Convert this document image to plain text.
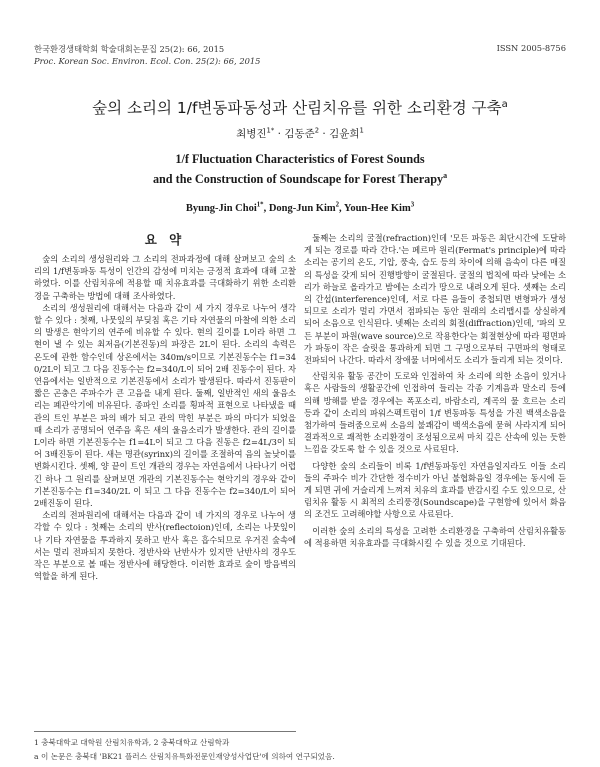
한국환경생태학회 학술대회논문집 25(2): 66, 2015
Proc. Korean Soc. Environ. Ecol. Con. 25(2): 66, 2015
ISSN 2005-8756
숲의 소리의 1/f변동파동성과 산림치유를 위한 소리환경 구축$^a$
최병진$^{1*}$ · 김동준$^2$ · 김윤희$^1$
1/f Fluctuation Characteristics of Forest Sounds
and the Construction of Soundscape for Forest Therapy$^a$
Byung-Jin Choi$^{1*}$, Dong-Jun Kim$^2$, Youn-Hee Kim$^3$
요 약

숲의 소리의 생성원리와 그 소리의 전파과정에 대해 살펴보고 숲의 소리의 1/f변동파동 특성이 인간의 감성에 미치는 긍정적 효과에 대해 고찰하였다. 이를 산림치유에 적용할 때 치유효과를 극대화하기 위한 소리환경을 구축하는 방법에 대해 조사하였다.

소리의 생성원리에 대해서는 다음과 같이 세 가지 경우로 나누어 생각할 수 있다 : 첫째, 나뭇잎의 부딪침 혹은 기타 자연물의 마찰에 의한 소리의 발생은 현악기의 연주에 비유할 수 있다. 현의 길이를 L이라 하면 그 현이 낼 수 있는 최저음(기본진동)의 파장은 2L이 된다. 소리의 속력은 온도에 관한 함수인데 상온에서는 340m/s이므로 기본진동수는 f1=340/2L이 되고 그 다음 진동수는 f2=340/L이 되어 2배 진동수이 된다. 자연음에서는 일반적으로 기본진동에서 소리가 발생된다. 따라서 진동판이 짧은 곤충은 주파수가 큰 고음을 내게 된다. 둘째, 일반적인 새의 울음소리는 폐관악기에 비유된다. 종파인 소리를 횡파적 표현으로 나타냈을 때 관의 트인 부분은 파의 배가 되고 관의 막힌 부분은 파의 마디가 되었을 때 소리가 공명되어 연주음 혹은 새의 울음소리가 발생한다. 관의 길이를 L이라 하면 기본진동수는 f1=4L이 되고 그 다음 진동은 f2=4L/3이 되어 3배진동이 된다. 새는 명관(syrinx)의 길이를 조절하여 음의 높낮이를 변화시킨다. 셋째, 양 끝이 트인 개관의 경우는 자연음에서 나타나기 어렵긴 하나 그 원리를 살펴보면 개관의 기본진동수는 현악기의 경우와 같이 기본진동수는 f1=340/2L 이 되고 그 다음 진동수는 f2=340/L이 되어 2배진동이 된다.

소리의 전파원리에 대해서는 다음과 같이 네 가지의 경우로 나누어 생각할 수 있다 : 첫째는 소리의 반사(reflectoion)인데, 소리는 나뭇잎이나 기타 자연물을 투과하지 못하고 반사 혹은 흡수되므로 우거진 숲속에서는 멀리 전파되지 못한다. 정반사와 난반사가 있지만 난반사의 경우도 작은 부분으로 볼 때는 정반사에 해당한다. 이러한 효과로 숲이 방음벽의 역할을 하게 된다.

둘째는 소리의 굴절(refraction)인데 '모든 파동은 최단시간에 도달하게 되는 경로를 따라 간다.'는 페르마 원리(Fermat's principle)에 따라 소리는 공기의 온도, 기압, 풍속, 습도 등의 차이에 의해 음속이 다른 매질의 특성을 갖게 되어 진행방향이 굴절된다. 굴절의 법칙에 따라 낮에는 소리가 하늘로 올라가고 밤에는 소리가 땅으로 내려오게 된다. 셋째는 소리의 간섭(interference)인데, 서로 다른 음들이 중첩되면 변형파가 생성되므로 소리가 멀리 가면서 점파되는 동안 원래의 소리맵시를 상실하게 되어 소음으로 인식된다. 넷째는 소리의 회절(diffraction)인데, '파의 모든 부분이 파원(wave source)으로 작용한다'는 회절현상에 따라 평면파가 파동이 작은 슬릿을 통과하게 되면 그 구멍으로부터 구면파의 형태로 전파되어 나간다. 따라서 장애물 너머에서도 소리가 들리게 되는 것이다.

산림치유 활동 공간이 도로와 인접하여 차 소리에 의한 소음이 있거나 혹은 사람들의 생활공간에 인접하여 들리는 각종 기계음과 말소리 등에 의해 방해를 받을 경우에는 폭포소리, 바람소리, 계곡의 물 흐르는 소리 등과 같이 소리의 파워스펙트럼이 1/f 변동파동 특성을 가진 백색소음을 첨가하여 들려줌으로써 소음의 불쾌감이 백색소음에 묻혀 사라지게 되어 결과적으로 쾌적한 소리환경이 조성됨으로써 마치 깊은 산속에 있는 듯한 느낌을 갖도록 할 수 있을 것으로 사료된다.

다양한 숲의 소리들이 비록 1/f변동파동인 자연음일지라도 이들 소리들의 주파수 비가 간단한 정수비가 아닌 불협화음일 경우에는 동시에 듣게 되면 귀에 거슬리게 느껴져 치유의 효과를 반감시킬 수도 있으므로, 산림치유 활동 시 최적의 소리풍경(Soundscape)을 구현함에 있어서 화음의 조건도 고려해야할 사항으로 사료된다.

이러한 숲의 소리의 특성을 고려한 소리환경을 구축하여 산림치유활동에 적용하면 치유효과를 극대화시킬 수 있을 것으로 기대된다.

1 충북대학교 대학원 산림치유학과, 2 충북대학교 산림학과
a 이 논문은 충북대 'BK21 플러스 산림치유특화전문인재양성사업단'에 의하여 연구되었음.
